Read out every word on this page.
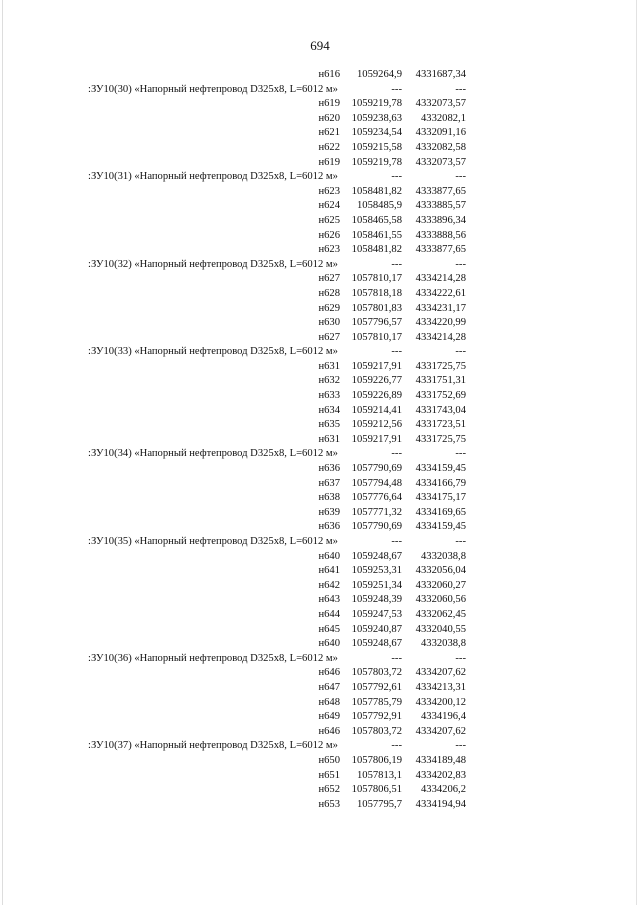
694
н616	1059264,9	4331687,34
:ЗУ10(30) «Напорный нефтепровод D325х8, L=6012 м»	---	---
н619	1059219,78	4332073,57
н620	1059238,63	4332082,1
н621	1059234,54	4332091,16
н622	1059215,58	4332082,58
н619	1059219,78	4332073,57
:ЗУ10(31) «Напорный нефтепровод D325х8, L=6012 м»	---	---
н623	1058481,82	4333877,65
н624	1058485,9	4333885,57
н625	1058465,58	4333896,34
н626	1058461,55	4333888,56
н623	1058481,82	4333877,65
:ЗУ10(32) «Напорный нефтепровод D325х8, L=6012 м»	---	---
н627	1057810,17	4334214,28
н628	1057818,18	4334222,61
н629	1057801,83	4334231,17
н630	1057796,57	4334220,99
н627	1057810,17	4334214,28
:ЗУ10(33) «Напорный нефтепровод D325х8, L=6012 м»	---	---
н631	1059217,91	4331725,75
н632	1059226,77	4331751,31
н633	1059226,89	4331752,69
н634	1059214,41	4331743,04
н635	1059212,56	4331723,51
н631	1059217,91	4331725,75
:ЗУ10(34) «Напорный нефтепровод D325х8, L=6012 м»	---	---
н636	1057790,69	4334159,45
н637	1057794,48	4334166,79
н638	1057776,64	4334175,17
н639	1057771,32	4334169,65
н636	1057790,69	4334159,45
:ЗУ10(35) «Напорный нефтепровод D325х8, L=6012 м»	---	---
н640	1059248,67	4332038,8
н641	1059253,31	4332056,04
н642	1059251,34	4332060,27
н643	1059248,39	4332060,56
н644	1059247,53	4332062,45
н645	1059240,87	4332040,55
н640	1059248,67	4332038,8
:ЗУ10(36) «Напорный нефтепровод D325х8, L=6012 м»	---	---
н646	1057803,72	4334207,62
н647	1057792,61	4334213,31
н648	1057785,79	4334200,12
н649	1057792,91	4334196,4
н646	1057803,72	4334207,62
:ЗУ10(37) «Напорный нефтепровод D325х8, L=6012 м»	---	---
н650	1057806,19	4334189,48
н651	1057813,1	4334202,83
н652	1057806,51	4334206,2
н653	1057795,7	4334194,94
